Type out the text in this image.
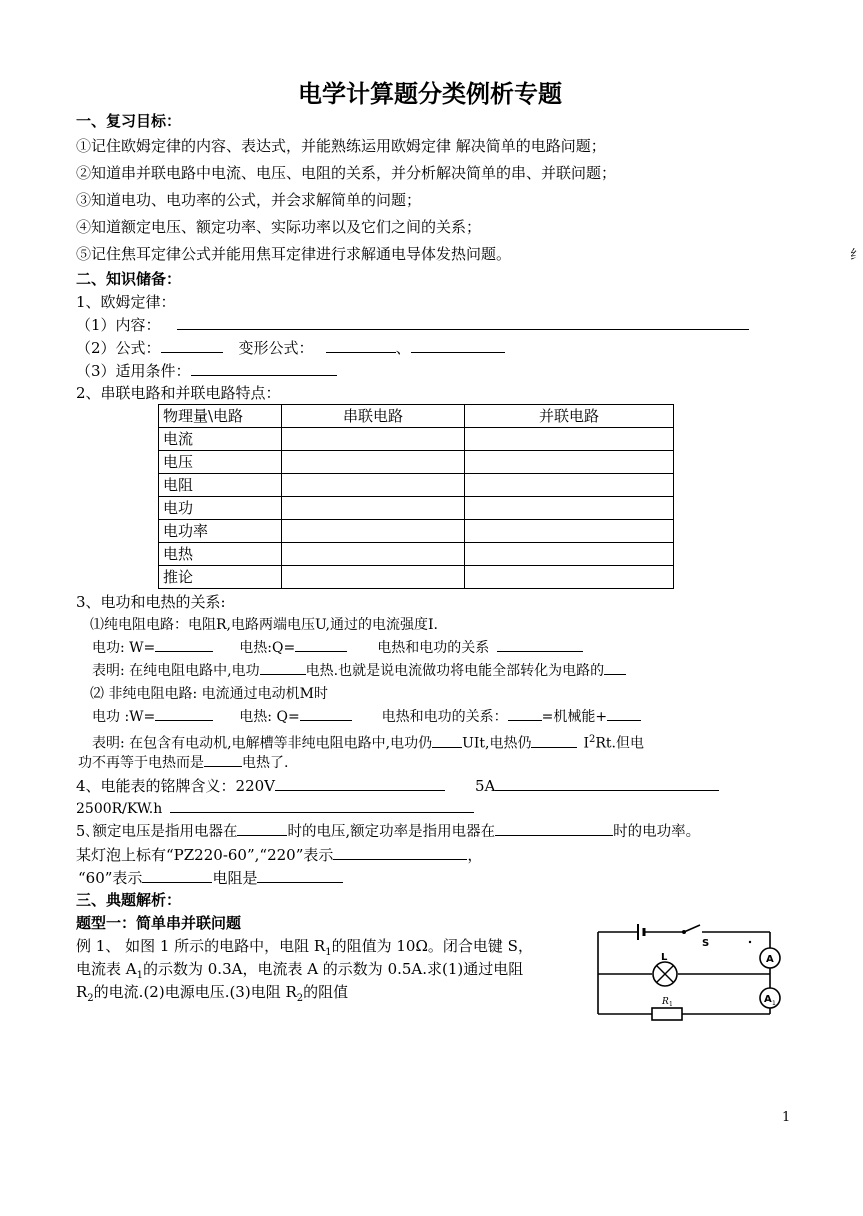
电学计算题分类例析专题
纟
一、复习目标：
①记住欧姆定律的内容、表达式，并能熟练运用欧姆定律 解决简单的电路问题；
②知道串并联电路中电流、电压、电阻的关系，并分析解决简单的串、并联问题；
③知道电功、电功率的公式，并会求解简单的问题；
④知道额定电压、额定功率、实际功率以及它们之间的关系；
⑤记住焦耳定律公式并能用焦耳定律进行求解通电导体发热问题。
二、知识储备：
1、欧姆定律：
（1）内容：
（2）公式：	变形公式：	、
（3）适用条件：
2、串联电路和并联电路特点：
物理量\电路	串联电路	并联电路
电流		
电压		
电阻		
电功		
电功率		
电热		
推论		
3、电功和电热的关系:
⑴纯电阻电路：电阻R,电路两端电压U,通过的电流强度I.
电功: W=	电热:Q=	电热和电功的关系
表明: 在纯电阻电路中,电功	电热.也就是说电流做功将电能全部转化为电路的
⑵ 非纯电阻电路: 电流通过电动机M时
电功 :W=	电热: Q=	电热和电功的关系： =机械能+
表明: 在包含有电动机,电解槽等非纯电阻电路中,电功仍 UIt,电热仍	$I^2Rt$.但电
功不再等于电热而是	电热了.
4、电能表的铭牌含义：220V	5A
2500R/KW.h
5､额定电压是指用电器在	时的电压,额定功率是指用电器在	时的电功率。
某灯泡上标有“PZ220-60”,“220”表示	，
“60”表示	电阻是
三、典题解析：
题型一：简单串并联问题
例 1、 如图 1 所示的电路中，电阻 $R_1$的阻值为 10Ω。闭合电键 S，
电流表 $A_1$的示数为 0.3A，电流表 A 的示数为 0.5A.求(1)通过电阻
$R_2$的电流.(2)电源电压.(3)电阻 $R_2$的阻值
S
L	A
A 1
R 1
1
